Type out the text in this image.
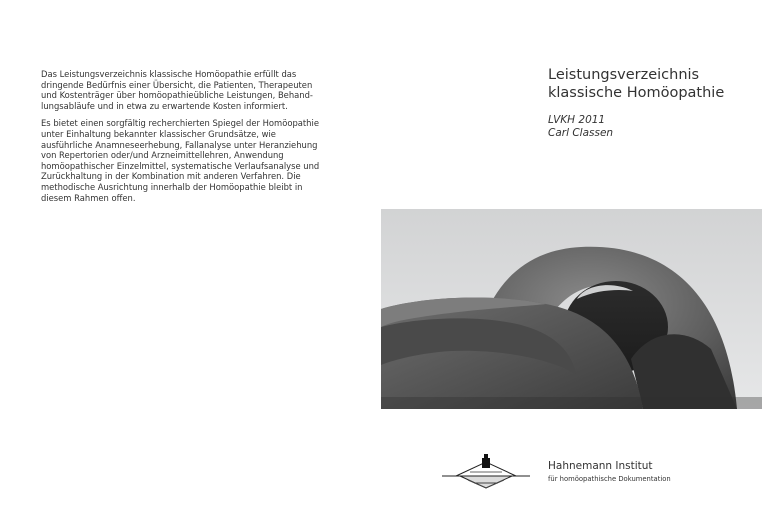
Das Leistungsverzeichnis klassische Homöopathie erfüllt das
dringende Bedürfnis einer Übersicht, die Patienten, Therapeuten
und Kostenträger über homöopathieübliche Leistungen, Behand-
lungsabläufe und in etwa zu erwartende Kosten informiert.

Es bietet einen sorgfältig recherchierten Spiegel der Homöopathie
unter Einhaltung bekannter klassischer Grundsätze, wie
ausführliche Anamneseerhebung, Fallanalyse unter Heranziehung
von Repertorien oder/und Arzneimittellehren, Anwendung
homöopathischer Einzelmittel, systematische Verlaufsanalyse und
Zurückhaltung in der Kombination mit anderen Verfahren. Die
methodische Ausrichtung innerhalb der Homöopathie bleibt in
diesem Rahmen offen.

Leistungsverzeichnis
klassische Homöopathie
LVKH 2011
Carl Classen
Hahnemann Institut
für homöopathische Dokumentation
